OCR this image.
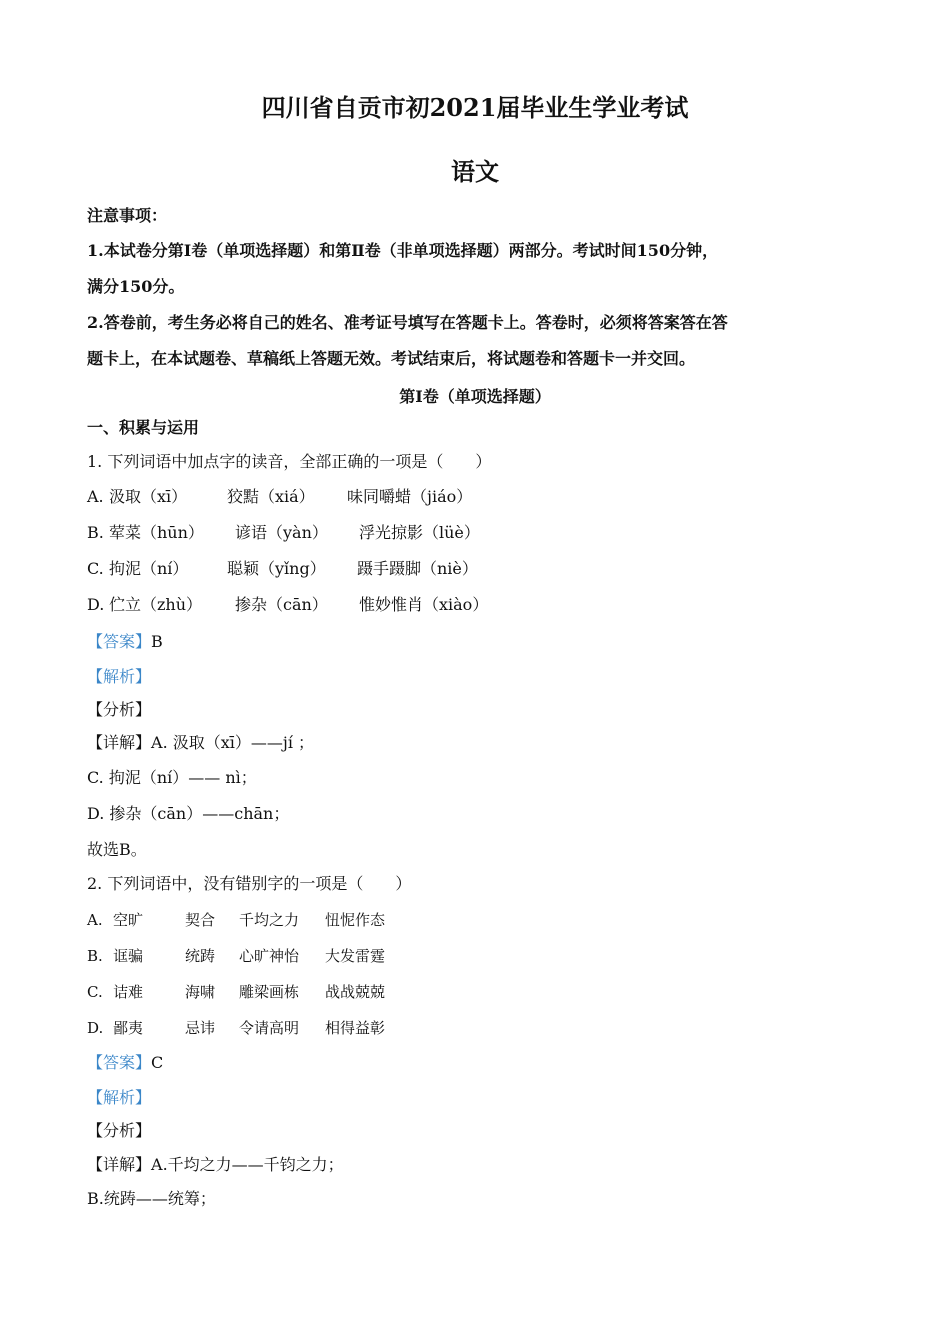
四川省自贡市初2021届毕业生学业考试
语文
注意事项：
1.本试卷分第Ⅰ卷（单项选择题）和第Ⅱ卷（非单项选择题）两部分。考试时间150分钟，
满分150分。
2.答卷前，考生务必将自己的姓名、准考证号填写在答题卡上。答卷时，必须将答案答在答
题卡上，在本试题卷、草稿纸上答题无效。考试结束后，将试题卷和答题卡一并交回。
第Ⅰ卷（单项选择题）
一、积累与运用
1. 下列词语中加点字的读音，全部正确的一项是（　　）
A. 汲取（xī） 狡黠（xiá） 味同嚼蜡（jiáo）
B. 荤菜（hūn） 谚语（yàn） 浮光掠影（lüè）
C. 拘泥（ní） 聪颖（yǐng） 蹑手蹑脚（niè）
D. 伫立（zhù） 掺杂（cān） 惟妙惟肖（xiào）
【答案】B
【解析】
【分析】
【详解】A. 汲取（xī）——jí ；
C. 拘泥（ní）—— nì；
D. 掺杂（cān）——chān；
故选B。
2. 下列词语中，没有错别字的一项是（　　）
A. 空旷	契合 千均之力 忸怩作态
B. 诓骗	统踌 心旷神怡 大发雷霆
C. 诘难	海啸 雕梁画栋 战战兢兢
D. 鄙夷	忌讳 令请高明 相得益彰
【答案】C
【解析】
【分析】
【详解】A.千均之力——千钧之力；
B.统踌——统筹；
